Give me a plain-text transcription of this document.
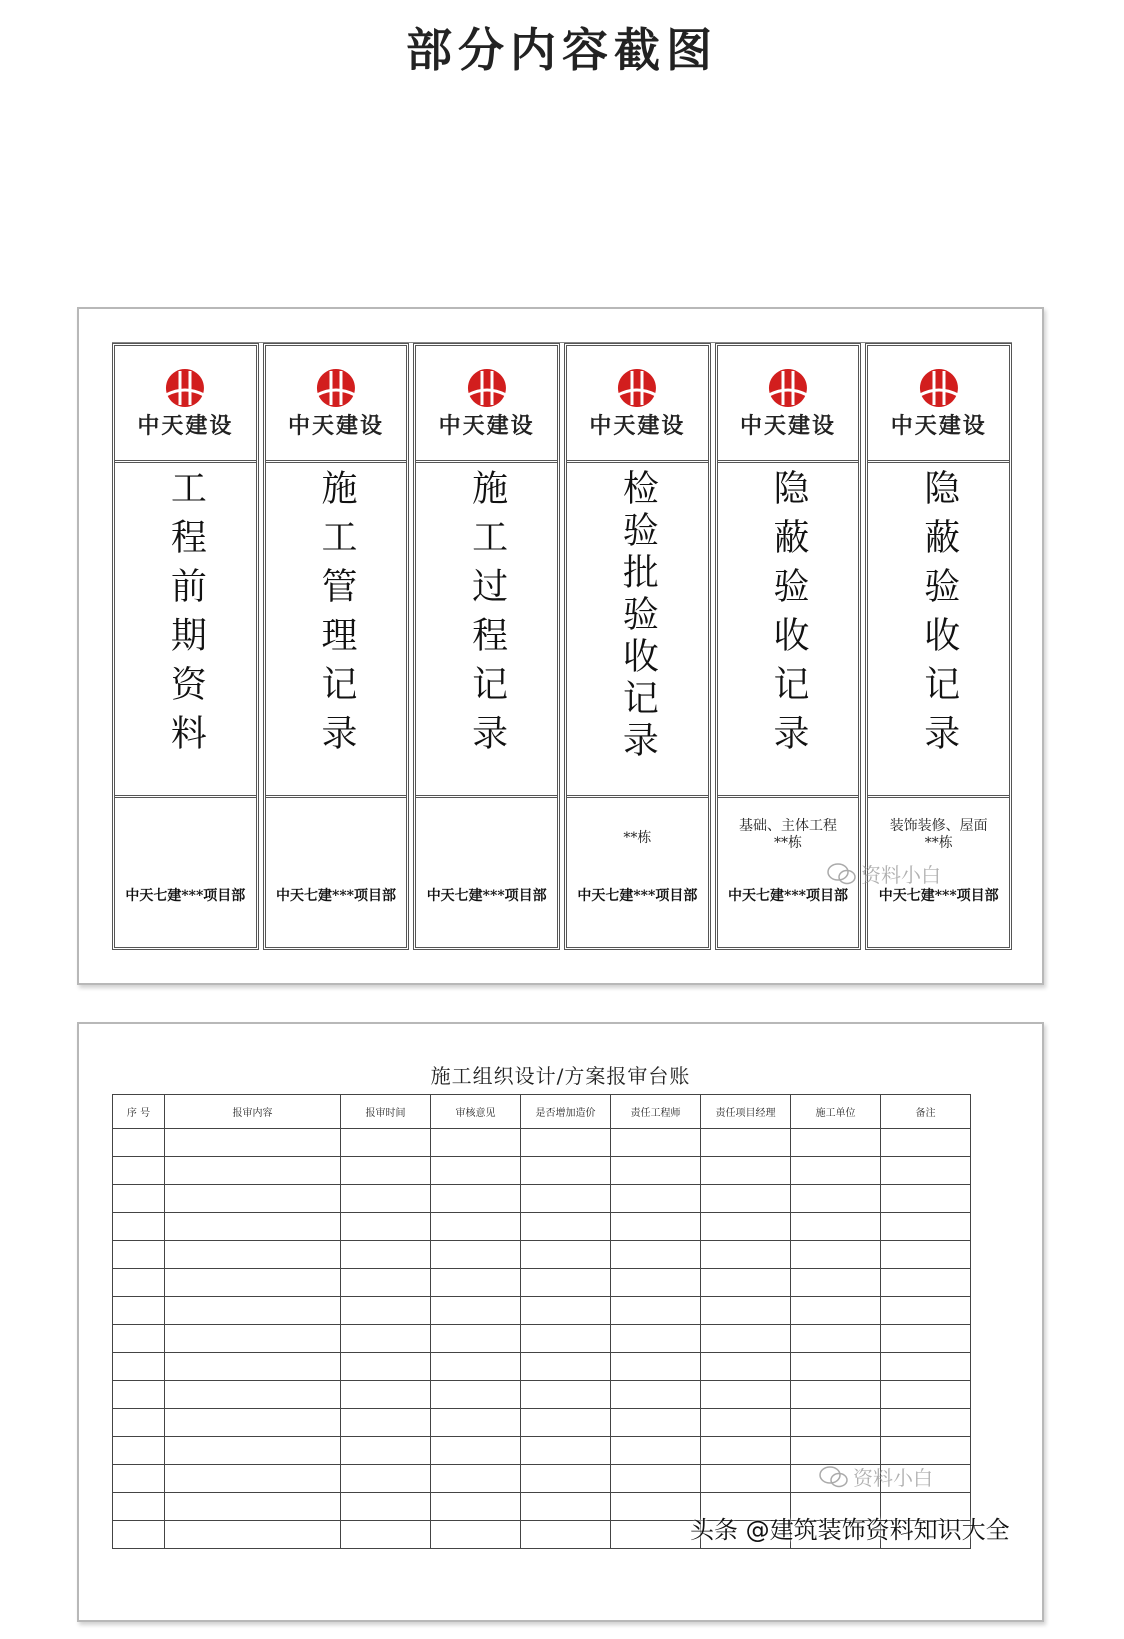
部分内容截图
中天建设
工程前期资料
中天七建***项目部
中天建设
施工管理记录
中天七建***项目部
中天建设
施工过程记录
中天七建***项目部
中天建设
检验批验收记录
**栋
中天七建***项目部
中天建设
隐蔽验收记录
基础、主体工程
**栋
中天七建***项目部
中天建设
隐蔽验收记录
装饰装修、屋面
**栋
中天七建***项目部
资料小白
施工组织设计/方案报审台账
序 号	报审内容	报审时间	审核意见	是否增加造价	责任工程师	责任项目经理	施工单位	备注

资料小白
头条 @建筑装饰资料知识大全
